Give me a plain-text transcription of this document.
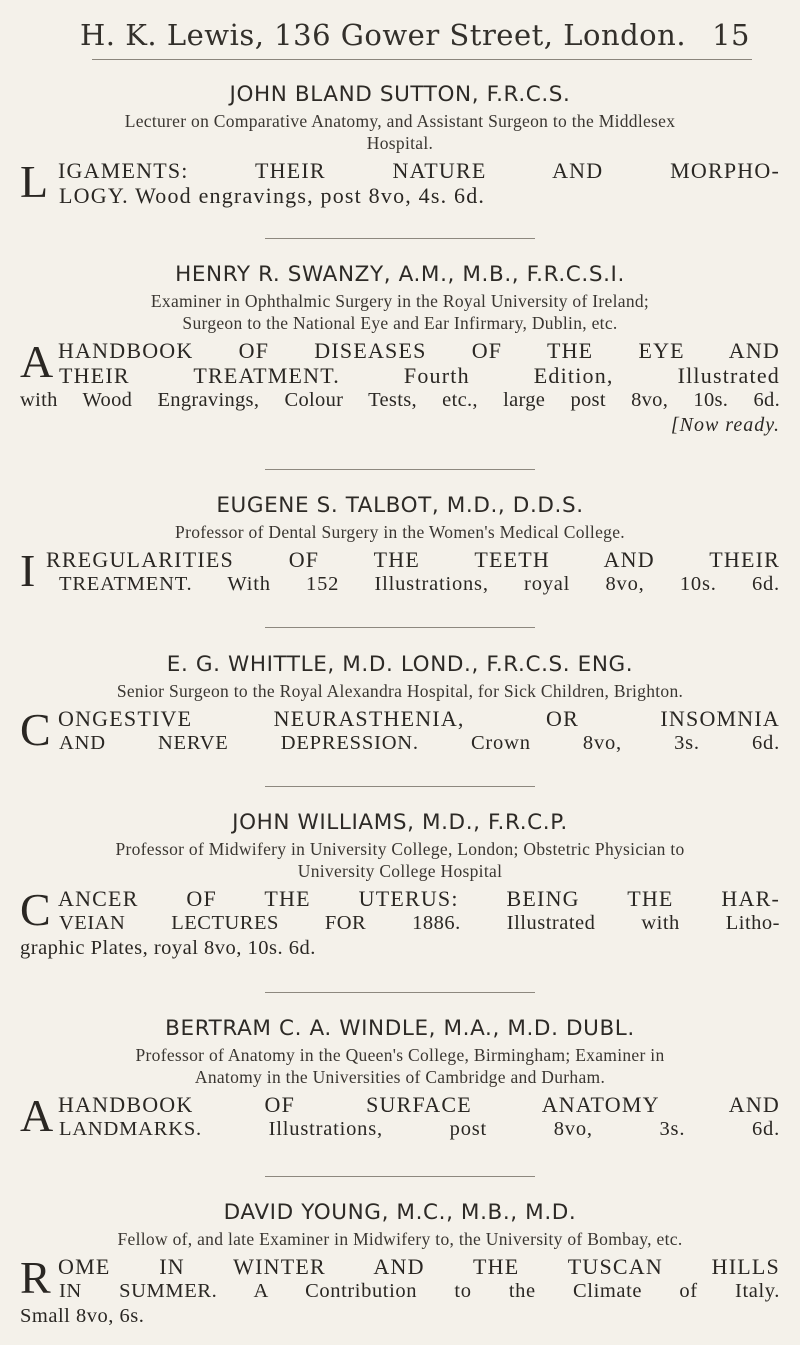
H. K. Lewis, 136 Gower Street, London. 15
JOHN BLAND SUTTON, F.R.C.S.
Lecturer on Comparative Anatomy, and Assistant Surgeon to the Middlesex
Hospital.
L IGAMENTS: THEIR NATURE AND MORPHO-
LOGY. Wood engravings, post 8vo, 4s. 6d.
HENRY R. SWANZY, A.M., M.B., F.R.C.S.I.
Examiner in Ophthalmic Surgery in the Royal University of Ireland;
Surgeon to the National Eye and Ear Infirmary, Dublin, etc.
A HANDBOOK OF DISEASES OF THE EYE AND
THEIR TREATMENT. Fourth Edition, Illustrated
with Wood Engravings, Colour Tests, etc., large post 8vo, 10s. 6d.
[Now ready.
EUGENE S. TALBOT, M.D., D.D.S.
Professor of Dental Surgery in the Women's Medical College.
I RREGULARITIES OF THE TEETH AND THEIR
TREATMENT. With 152 Illustrations, royal 8vo, 10s. 6d.
E. G. WHITTLE, M.D. LOND., F.R.C.S. ENG.
Senior Surgeon to the Royal Alexandra Hospital, for Sick Children, Brighton.
C ONGESTIVE NEURASTHENIA, OR INSOMNIA
AND NERVE DEPRESSION. Crown 8vo, 3s. 6d.
JOHN WILLIAMS, M.D., F.R.C.P.
Professor of Midwifery in University College, London; Obstetric Physician to
University College Hospital
C ANCER OF THE UTERUS: BEING THE HAR-
VEIAN LECTURES FOR 1886. Illustrated with Litho-
graphic Plates, royal 8vo, 10s. 6d.
BERTRAM C. A. WINDLE, M.A., M.D. DUBL.
Professor of Anatomy in the Queen's College, Birmingham; Examiner in
Anatomy in the Universities of Cambridge and Durham.
A HANDBOOK OF SURFACE ANATOMY AND
LANDMARKS. Illustrations, post 8vo, 3s. 6d.
DAVID YOUNG, M.C., M.B., M.D.
Fellow of, and late Examiner in Midwifery to, the University of Bombay, etc.
R OME IN WINTER AND THE TUSCAN HILLS
IN SUMMER. A Contribution to the Climate of Italy.
Small 8vo, 6s.
